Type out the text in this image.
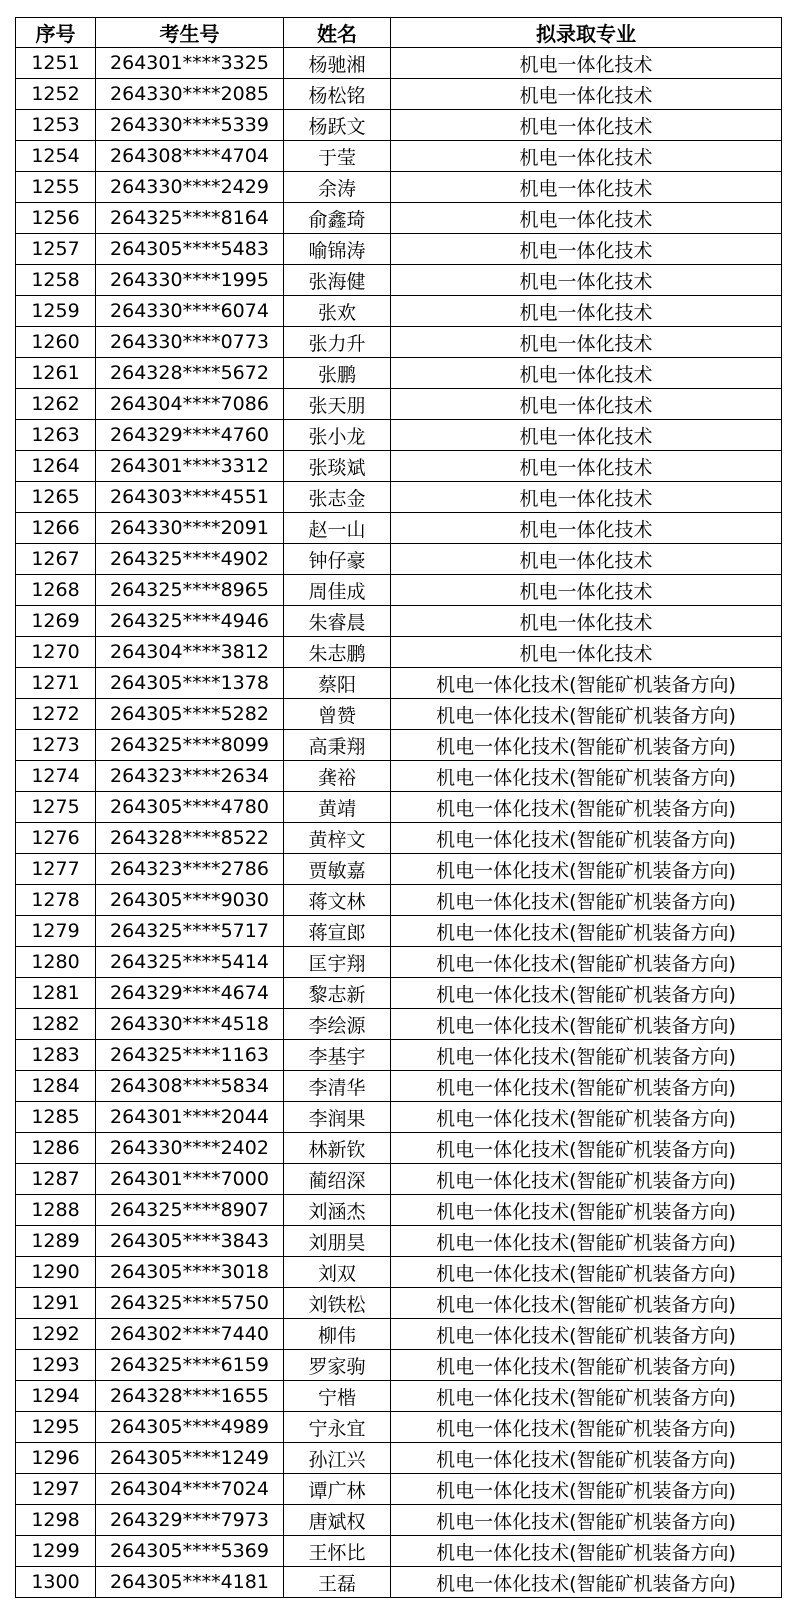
序号	考生号	姓名	拟录取专业
1251	264301****3325	杨驰湘	机电一体化技术
1252	264330****2085	杨松铭	机电一体化技术
1253	264330****5339	杨跃文	机电一体化技术
1254	264308****4704	于莹	机电一体化技术
1255	264330****2429	余涛	机电一体化技术
1256	264325****8164	俞鑫琦	机电一体化技术
1257	264305****5483	喻锦涛	机电一体化技术
1258	264330****1995	张海健	机电一体化技术
1259	264330****6074	张欢	机电一体化技术
1260	264330****0773	张力升	机电一体化技术
1261	264328****5672	张鹏	机电一体化技术
1262	264304****7086	张天朋	机电一体化技术
1263	264329****4760	张小龙	机电一体化技术
1264	264301****3312	张琰斌	机电一体化技术
1265	264303****4551	张志金	机电一体化技术
1266	264330****2091	赵一山	机电一体化技术
1267	264325****4902	钟仔豪	机电一体化技术
1268	264325****8965	周佳成	机电一体化技术
1269	264325****4946	朱睿晨	机电一体化技术
1270	264304****3812	朱志鹏	机电一体化技术
1271	264305****1378	蔡阳	机电一体化技术(智能矿机装备方向)
1272	264305****5282	曾赞	机电一体化技术(智能矿机装备方向)
1273	264325****8099	高秉翔	机电一体化技术(智能矿机装备方向)
1274	264323****2634	龚裕	机电一体化技术(智能矿机装备方向)
1275	264305****4780	黄靖	机电一体化技术(智能矿机装备方向)
1276	264328****8522	黄梓文	机电一体化技术(智能矿机装备方向)
1277	264323****2786	贾敏嘉	机电一体化技术(智能矿机装备方向)
1278	264305****9030	蒋文林	机电一体化技术(智能矿机装备方向)
1279	264325****5717	蒋宣郎	机电一体化技术(智能矿机装备方向)
1280	264325****5414	匡宇翔	机电一体化技术(智能矿机装备方向)
1281	264329****4674	黎志新	机电一体化技术(智能矿机装备方向)
1282	264330****4518	李绘源	机电一体化技术(智能矿机装备方向)
1283	264325****1163	李基宇	机电一体化技术(智能矿机装备方向)
1284	264308****5834	李清华	机电一体化技术(智能矿机装备方向)
1285	264301****2044	李润果	机电一体化技术(智能矿机装备方向)
1286	264330****2402	林新钦	机电一体化技术(智能矿机装备方向)
1287	264301****7000	蔺绍深	机电一体化技术(智能矿机装备方向)
1288	264325****8907	刘涵杰	机电一体化技术(智能矿机装备方向)
1289	264305****3843	刘朋昊	机电一体化技术(智能矿机装备方向)
1290	264305****3018	刘双	机电一体化技术(智能矿机装备方向)
1291	264325****5750	刘铁松	机电一体化技术(智能矿机装备方向)
1292	264302****7440	柳伟	机电一体化技术(智能矿机装备方向)
1293	264325****6159	罗家驹	机电一体化技术(智能矿机装备方向)
1294	264328****1655	宁楷	机电一体化技术(智能矿机装备方向)
1295	264305****4989	宁永宜	机电一体化技术(智能矿机装备方向)
1296	264305****1249	孙江兴	机电一体化技术(智能矿机装备方向)
1297	264304****7024	谭广林	机电一体化技术(智能矿机装备方向)
1298	264329****7973	唐斌权	机电一体化技术(智能矿机装备方向)
1299	264305****5369	王怀比	机电一体化技术(智能矿机装备方向)
1300	264305****4181	王磊	机电一体化技术(智能矿机装备方向)
